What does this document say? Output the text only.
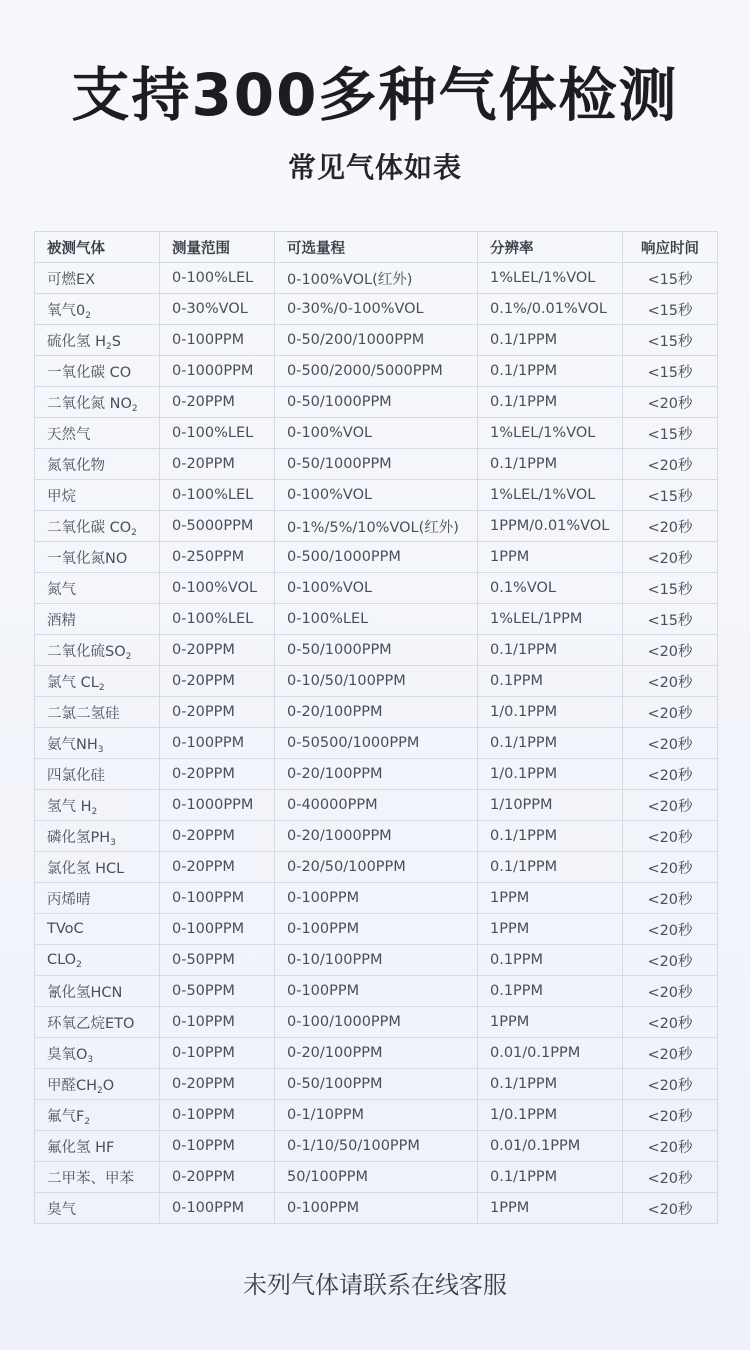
支持300多种气体检测
常见气体如表
被测气体	测量范围	可选量程	分辨率	响应时间
可燃EX	0-100%LEL	0-100%VOL(红外)	1%LEL/1%VOL	<15秒
氧气$0_2$	0-30%VOL	0-30%/0-100%VOL	0.1%/0.01%VOL	<15秒
硫化氢 $H_2S$	0-100PPM	0-50/200/1000PPM	0.1/1PPM	<15秒
一氧化碳 CO	0-1000PPM	0-500/2000/5000PPM	0.1/1PPM	<15秒
二氧化氮 $NO_2$	0-20PPM	0-50/1000PPM	0.1/1PPM	<20秒
天然气	0-100%LEL	0-100%VOL	1%LEL/1%VOL	<15秒
氮氧化物	0-20PPM	0-50/1000PPM	0.1/1PPM	<20秒
甲烷	0-100%LEL	0-100%VOL	1%LEL/1%VOL	<15秒
二氧化碳 $CO_2$	0-5000PPM	0-1%/5%/10%VOL(红外)	1PPM/0.01%VOL	<20秒
一氧化氮NO	0-250PPM	0-500/1000PPM	1PPM	<20秒
氮气	0-100%VOL	0-100%VOL	0.1%VOL	<15秒
酒精	0-100%LEL	0-100%LEL	1%LEL/1PPM	<15秒
二氧化硫$SO_2$	0-20PPM	0-50/1000PPM	0.1/1PPM	<20秒
氯气 $CL_2$	0-20PPM	0-10/50/100PPM	0.1PPM	<20秒
二氯二氢硅	0-20PPM	0-20/100PPM	1/0.1PPM	<20秒
氨气$NH_3$	0-100PPM	0-50500/1000PPM	0.1/1PPM	<20秒
四氯化硅	0-20PPM	0-20/100PPM	1/0.1PPM	<20秒
氢气 $H_2$	0-1000PPM	0-40000PPM	1/10PPM	<20秒
磷化氢$PH_3$	0-20PPM	0-20/1000PPM	0.1/1PPM	<20秒
氯化氢 HCL	0-20PPM	0-20/50/100PPM	0.1/1PPM	<20秒
丙烯晴	0-100PPM	0-100PPM	1PPM	<20秒
TVoC	0-100PPM	0-100PPM	1PPM	<20秒
$CLO_2$	0-50PPM	0-10/100PPM	0.1PPM	<20秒
氰化氢HCN	0-50PPM	0-100PPM	0.1PPM	<20秒
环氧乙烷ETO	0-10PPM	0-100/1000PPM	1PPM	<20秒
臭氧$O_3$	0-10PPM	0-20/100PPM	0.01/0.1PPM	<20秒
甲醛$CH_2O$	0-20PPM	0-50/100PPM	0.1/1PPM	<20秒
氟气$F_2$	0-10PPM	0-1/10PPM	1/0.1PPM	<20秒
氟化氢 HF	0-10PPM	0-1/10/50/100PPM	0.01/0.1PPM	<20秒
二甲苯、甲苯	0-20PPM	50/100PPM	0.1/1PPM	<20秒
臭气	0-100PPM	0-100PPM	1PPM	<20秒
未列气体请联系在线客服
